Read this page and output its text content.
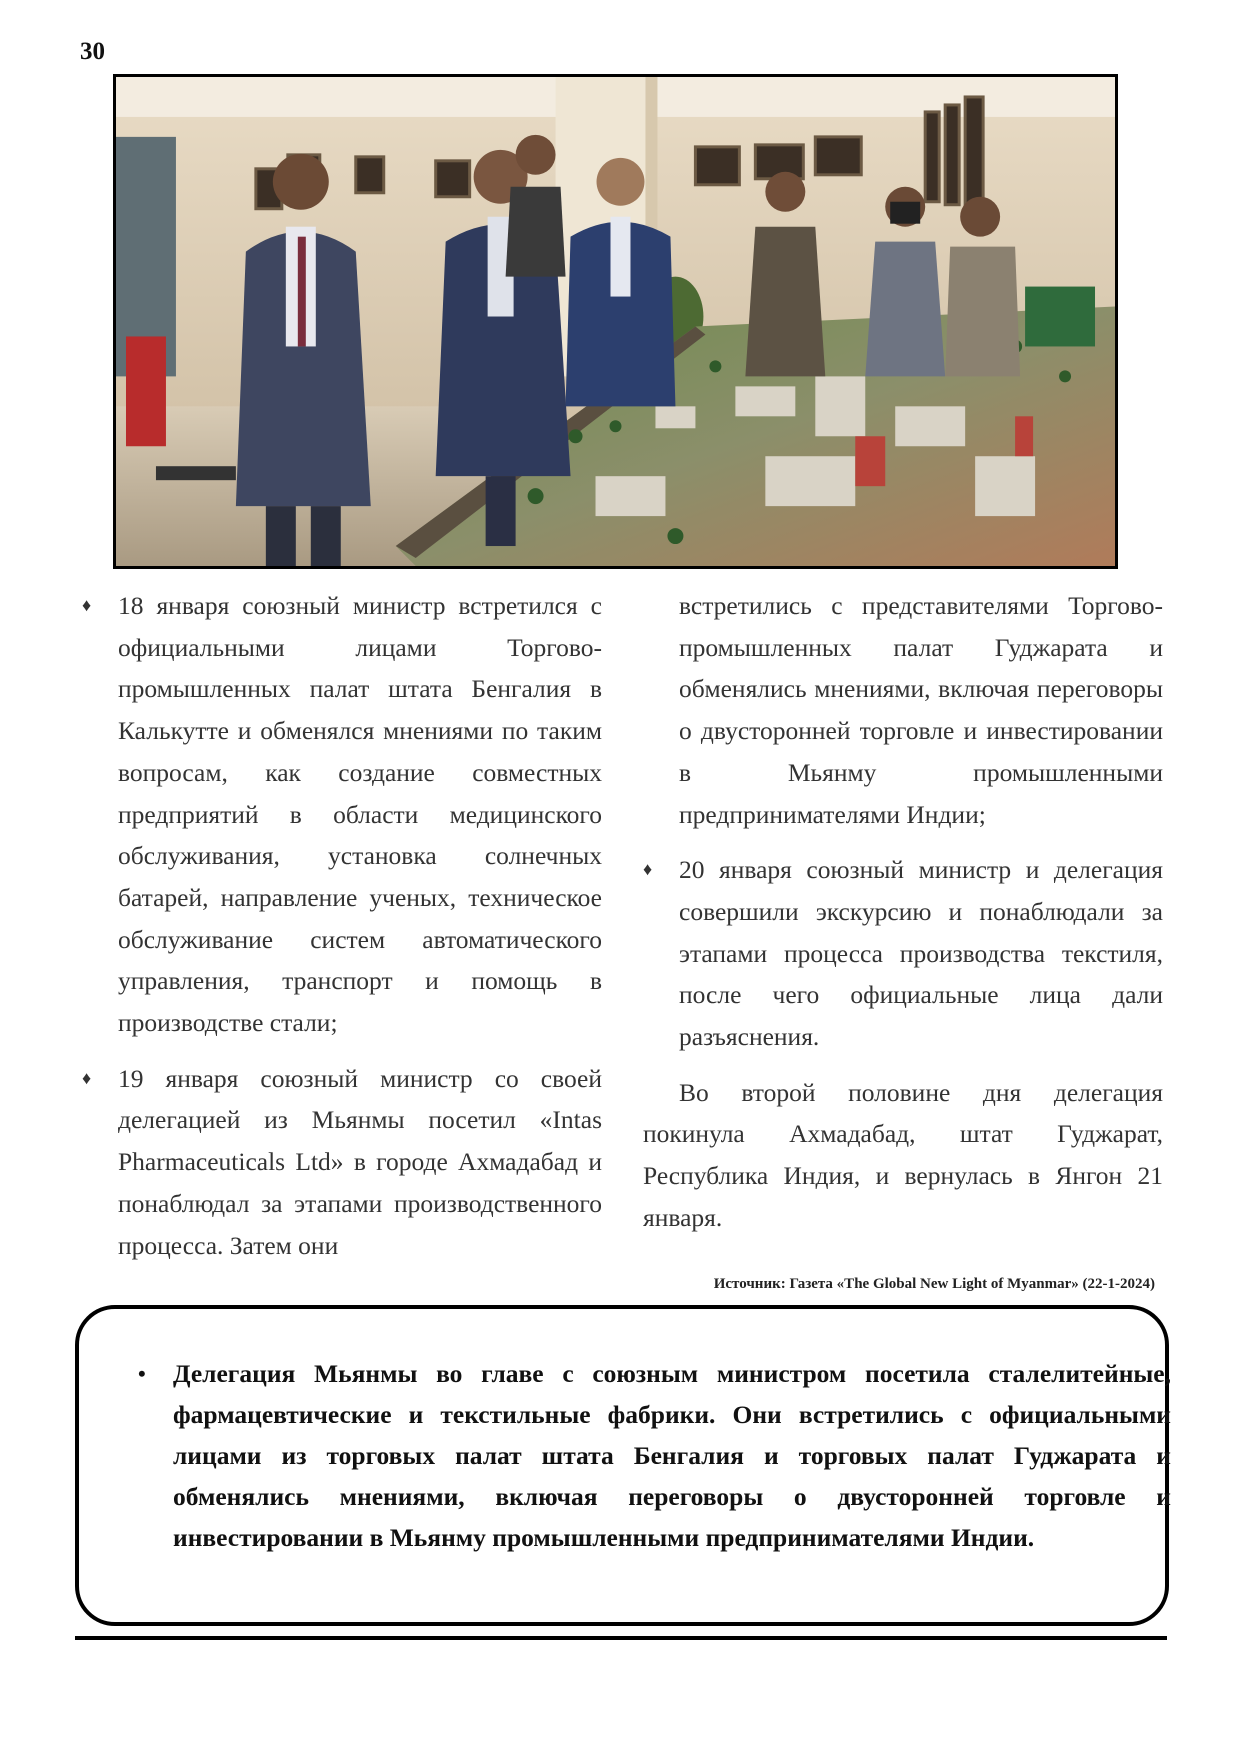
30

♦ 18 января союзный министр встретился с официальными лицами Торгово-промышленных палат штата Бенгалия в Калькутте и обменялся мнениями по таким вопросам, как создание совместных предприятий в области медицинского обслуживания, установка солнечных батарей, направление ученых, техническое обслуживание систем автоматического управления, транспорт и помощь в производстве стали;

♦ 19 января союзный министр со своей делегацией из Мьянмы посетил «Intas Pharmaceuticals Ltd» в городе Ахмадабад и понаблюдал за этапами производственного процесса. Затем они

встретились с представителями Торгово-промышленных палат Гуджарата и обменялись мнениями, включая переговоры о двусторонней торговле и инвестировании в Мьянму промышленными предпринимателями Индии;

♦ 20 января союзный министр и делегация совершили экскурсию и понаблюдали за этапами процесса производства текстиля, после чего официальные лица дали разъяснения.

Во второй половине дня делегация покинула Ахмадабад, штат Гуджарат, Республика Индия, и вернулась в Янгон 21 января.

Источник: Газета «The Global New Light of Myanmar» (22-1-2024)

• Делегация Мьянмы во главе с союзным министром посетила сталелитейные, фармацевтические и текстильные фабрики. Они встретились с официальными лицами из торговых палат штата Бенгалия и торговых палат Гуджарата и обменялись мнениями, включая переговоры о двусторонней торговле и инвестировании в Мьянму промышленными предпринимателями Индии.
